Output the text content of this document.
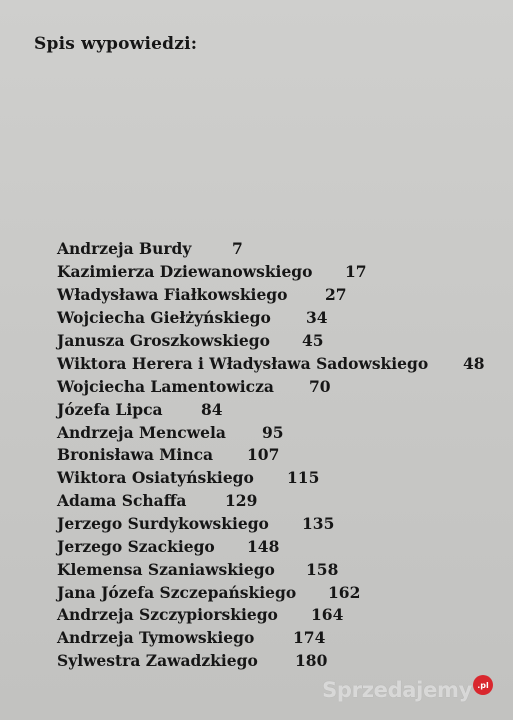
Spis wypowiedzi:
Andrzeja Burdy	7
Kazimierza Dziewanowskiego 17
Władysława Fiałkowskiego 27
Wojciecha Giełżyńskiego 34
Janusza Groszkowskiego 45
Wiktora Herera i Władysława Sadowskiego 48
Wojciecha Lamentowicza 70
Józefa Lipca 84
Andrzeja Mencwela 95
Bronisława Minca 107
Wiktora Osiatyńskiego 115
Adama Schaffa 129
Jerzego Surdykowskiego 135
Jerzego Szackiego 148
Klemensa Szaniawskiego 158
Jana Józefa Szczepańskiego 162
Andrzeja Szczypiorskiego 164
Andrzeja Tymowskiego 174
Sylwestra Zawadzkiego 180
Sprzedajemy .pl
